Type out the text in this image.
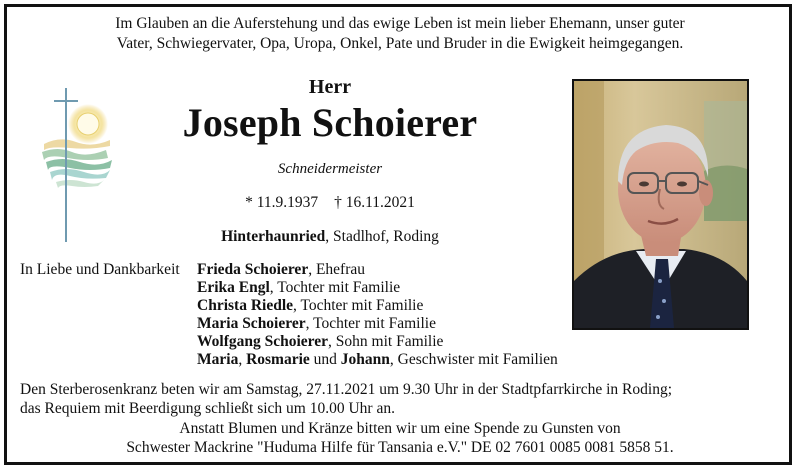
Im Glauben an die Auferstehung und das ewige Leben ist mein lieber Ehemann, unser guter
Vater, Schwiegervater, Opa, Uropa, Onkel, Pate und Bruder in die Ewigkeit heimgegangen.
Herr
Joseph Schoierer
Schneidermeister
* 11.9.1937 † 16.11.2021
Hinterhaunried, Stadlhof, Roding
In Liebe und Dankbarkeit Frieda Schoierer, Ehefrau
Erika Engl, Tochter mit Familie
Christa Riedle, Tochter mit Familie
Maria Schoierer, Tochter mit Familie
Wolfgang Schoierer, Sohn mit Familie
Maria, Rosmarie und Johann, Geschwister mit Familien
Den Sterberosenkranz beten wir am Samstag, 27.11.2021 um 9.30 Uhr in der Stadtpfarrkirche in Roding;
das Requiem mit Beerdigung schließt sich um 10.00 Uhr an.
Anstatt Blumen und Kränze bitten wir um eine Spende zu Gunsten von
Schwester Mackrine "Huduma Hilfe für Tansania e.V." DE 02 7601 0085 0081 5858 51.
